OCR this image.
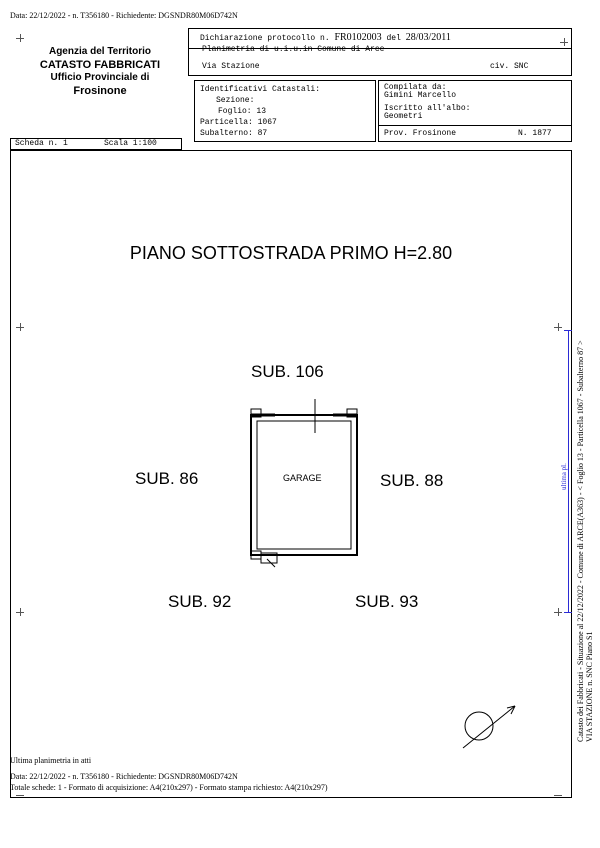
Data: 22/12/2022 - n. T356180 - Richiedente: DGSNDR80M06D742N
Agenzia del Territorio
CATASTO FABBRICATI
Ufficio Provinciale di
Frosinone
Dichiarazione protocollo n. FR0102003 del 28/03/2011
Planimetria di u.i.u.in Comune di Arce
Via Stazione	civ. SNC
Identificativi Catastali:
Sezione:
Foglio: 13
Particella: 1067
Subalterno: 87
Compilata da:
Gimini Marcello
Iscritto all'albo:
Geometri
Prov. Frosinone	N. 1877
Scheda n. 1	Scala 1:100
PIANO SOTTOSTRADA PRIMO H=2.80
SUB. 106
SUB. 86	SUB. 88
SUB. 92	SUB. 93
GARAGE	ultima pl. Catasto dei Fabbricati - Situazione al 22/12/2022 - Comune di ARCE(A363) - < Foglio 13 - Particella 1067 - Subalterno 87 > VIA STAZIONE n. SNC Piano S1
Ultima planimetria in atti
Data: 22/12/2022 - n. T356180 - Richiedente: DGSNDR80M06D742N
Totale schede: 1 - Formato di acquisizione: A4(210x297) - Formato stampa richiesto: A4(210x297)
